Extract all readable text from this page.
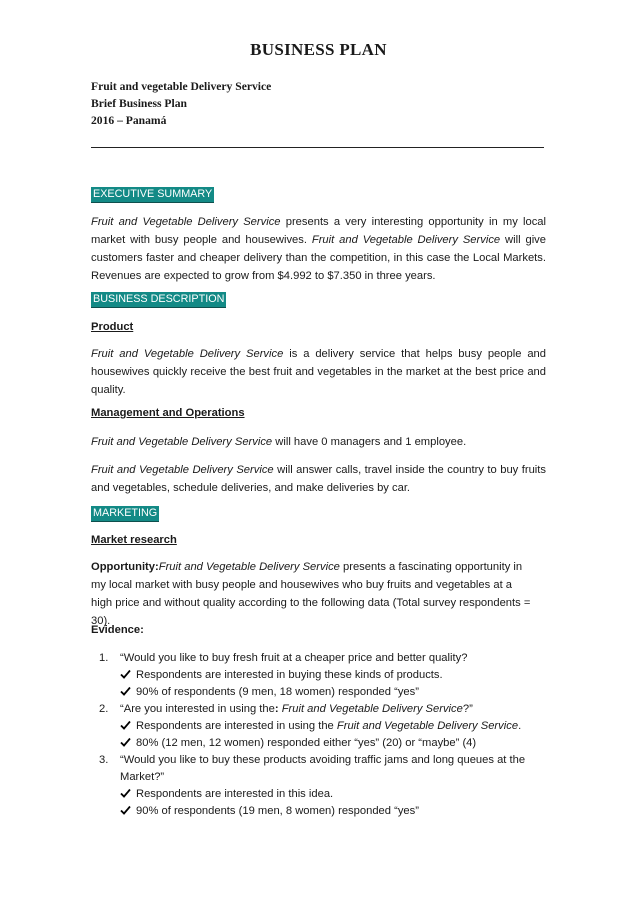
BUSINESS PLAN
Fruit and vegetable Delivery Service
Brief Business Plan
2016 – Panamá
EXECUTIVE SUMMARY
Fruit and Vegetable Delivery Service presents a very interesting opportunity in my local market with busy people and housewives. Fruit and Vegetable Delivery Service will give customers faster and cheaper delivery than the competition, in this case the Local Markets. Revenues are expected to grow from $4.992 to $7.350 in three years.
BUSINESS DESCRIPTION
Product
Fruit and Vegetable Delivery Service is a delivery service that helps busy people and housewives quickly receive the best fruit and vegetables in the market at the best price and quality.
Management and Operations
Fruit and Vegetable Delivery Service will have 0 managers and 1 employee.
Fruit and Vegetable Delivery Service will answer calls, travel inside the country to buy fruits and vegetables, schedule deliveries, and make deliveries by car.
MARKETING
Market research
Opportunity:Fruit and Vegetable Delivery Service presents a fascinating opportunity in my local market with busy people and housewives who buy fruits and vegetables at a high price and without quality according to the following data (Total survey respondents = 30).
Evidence:
1. “Would you like to buy fresh fruit at a cheaper price and better quality?
Respondents are interested in buying these kinds of products.
90% of respondents (9 men, 18 women) responded “yes”
2. “Are you interested in using the: Fruit and Vegetable Delivery Service?”
Respondents are interested in using the Fruit and Vegetable Delivery Service.
80% (12 men, 12 women) responded either “yes” (20) or “maybe” (4)
3. “Would you like to buy these products avoiding traffic jams and long queues at the
Market?”
Respondents are interested in this idea.
90% of respondents (19 men, 8 women) responded “yes”
